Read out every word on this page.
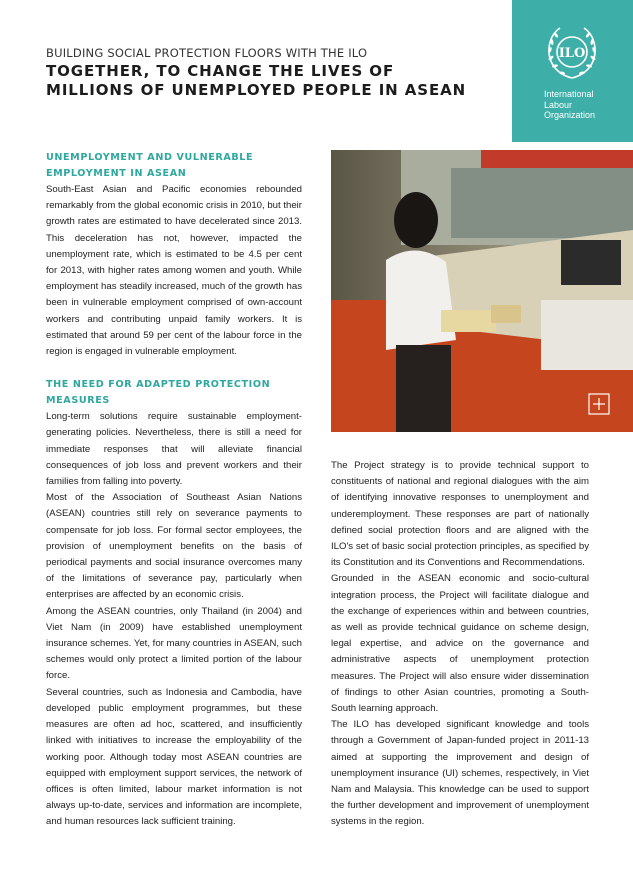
BUILDING SOCIAL PROTECTION FLOORS WITH THE ILO
TOGETHER, TO CHANGE THE LIVES OF MILLIONS OF UNEMPLOYED PEOPLE IN ASEAN
ILO
International
Labour
Organization
UNEMPLOYMENT AND VULNERABLE EMPLOYMENT IN ASEAN

South-East Asian and Pacific economies rebounded remarkably from the global economic crisis in 2010, but their growth rates are estimated to have decelerated since 2013. This deceleration has not, however, impacted the unemployment rate, which is estimated to be 4.5 per cent for 2013, with higher rates among women and youth. While employment has steadily increased, much of the growth has been in vulnerable employment comprised of own-account workers and contributing unpaid family workers. It is estimated that around 59 per cent of the labour force in the region is engaged in vulnerable employment.

THE NEED FOR ADAPTED PROTECTION MEASURES

Long-term solutions require sustainable employment-generating policies. Nevertheless, there is still a need for immediate responses that will alleviate financial consequences of job loss and prevent workers and their families from falling into poverty.

Most of the Association of Southeast Asian Nations (ASEAN) countries still rely on severance payments to compensate for job loss. For formal sector employees, the provision of unemployment benefits on the basis of periodical payments and social insurance overcomes many of the limitations of severance pay, particularly when enterprises are affected by an economic crisis.

Among the ASEAN countries, only Thailand (in 2004) and Viet Nam (in 2009) have established unemployment insurance schemes. Yet, for many countries in ASEAN, such schemes would only protect a limited portion of the labour force.

Several countries, such as Indonesia and Cambodia, have developed public employment programmes, but these measures are often ad hoc, scattered, and insufficiently linked with initiatives to increase the employability of the working poor. Although today most ASEAN countries are equipped with employment support services, the network of offices is often limited, labour market information is not always up-to-date, services and information are incomplete, and human resources lack sufficient training.

The Project strategy is to provide technical support to constituents of national and regional dialogues with the aim of identifying innovative responses to unemployment and underemployment. These responses are part of nationally defined social protection floors and are aligned with the ILO's set of basic social protection principles, as specified by its Constitution and its Conventions and Recommendations.

Grounded in the ASEAN economic and socio-cultural integration process, the Project will facilitate dialogue and the exchange of experiences within and between countries, as well as provide technical guidance on scheme design, legal expertise, and advice on the governance and administrative aspects of unemployment protection measures. The Project will also ensure wider dissemination of findings to other Asian countries, promoting a South-South learning approach.

The ILO has developed significant knowledge and tools through a Government of Japan-funded project in 2011-13 aimed at supporting the improvement and design of unemployment insurance (UI) schemes, respectively, in Viet Nam and Malaysia. This knowledge can be used to support the further development and improvement of unemployment systems in the region.
